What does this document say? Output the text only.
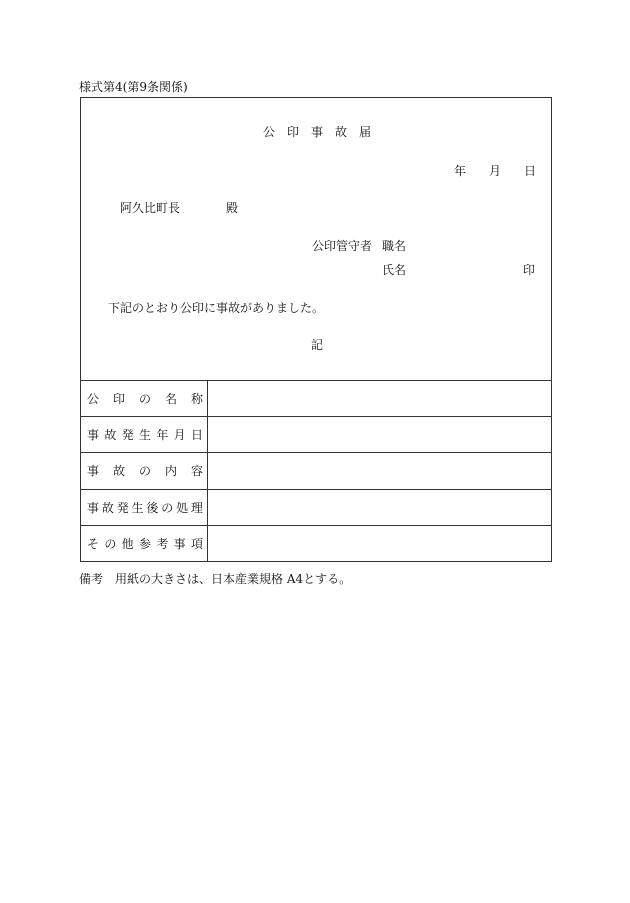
様式第4(第9条関係)
公　印　事　故　届
年 月 日
阿久比町長	殿
公印管守者 職名
氏名	印
下記のとおり公印に事故がありました。
記
公 印 の 名 称
事 故 発 生 年 月 日
事 故 の 内 容
事 故 発 生 後 の 処 理
そ の 他 参 考 事 項
備考　用紙の大きさは、日本産業規格 A4とする。
